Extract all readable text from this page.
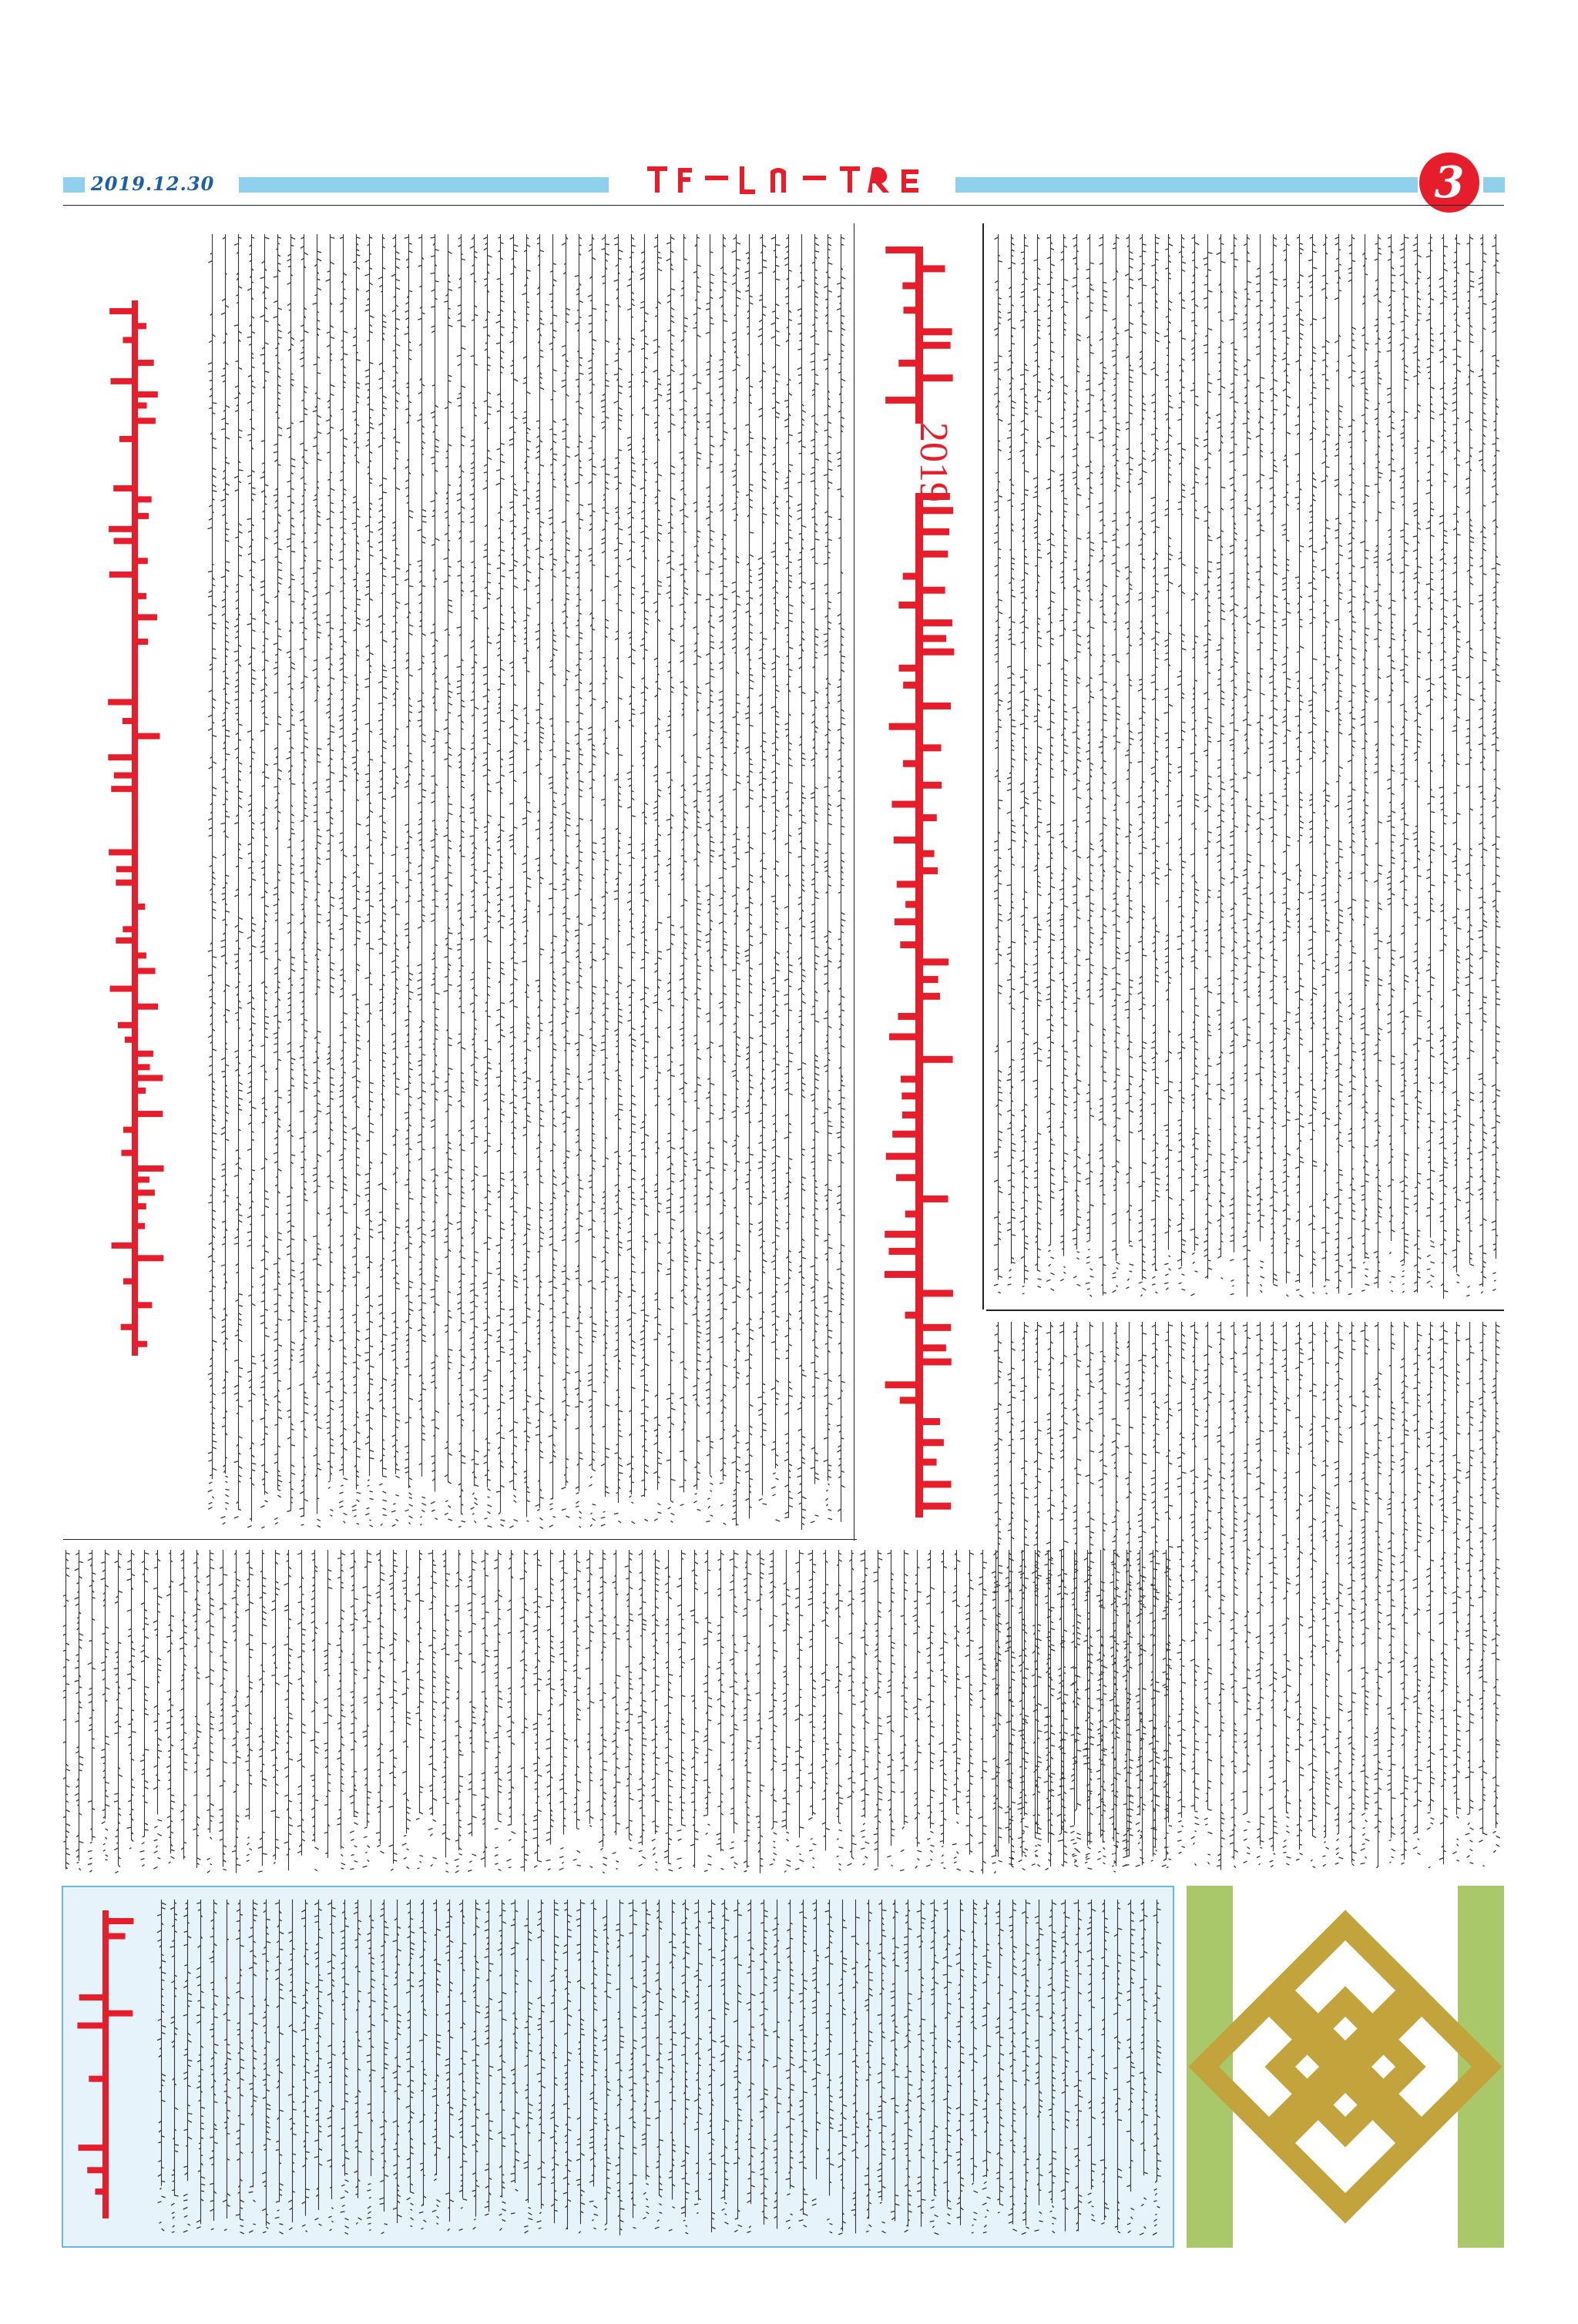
2019.12.30	3
2019
